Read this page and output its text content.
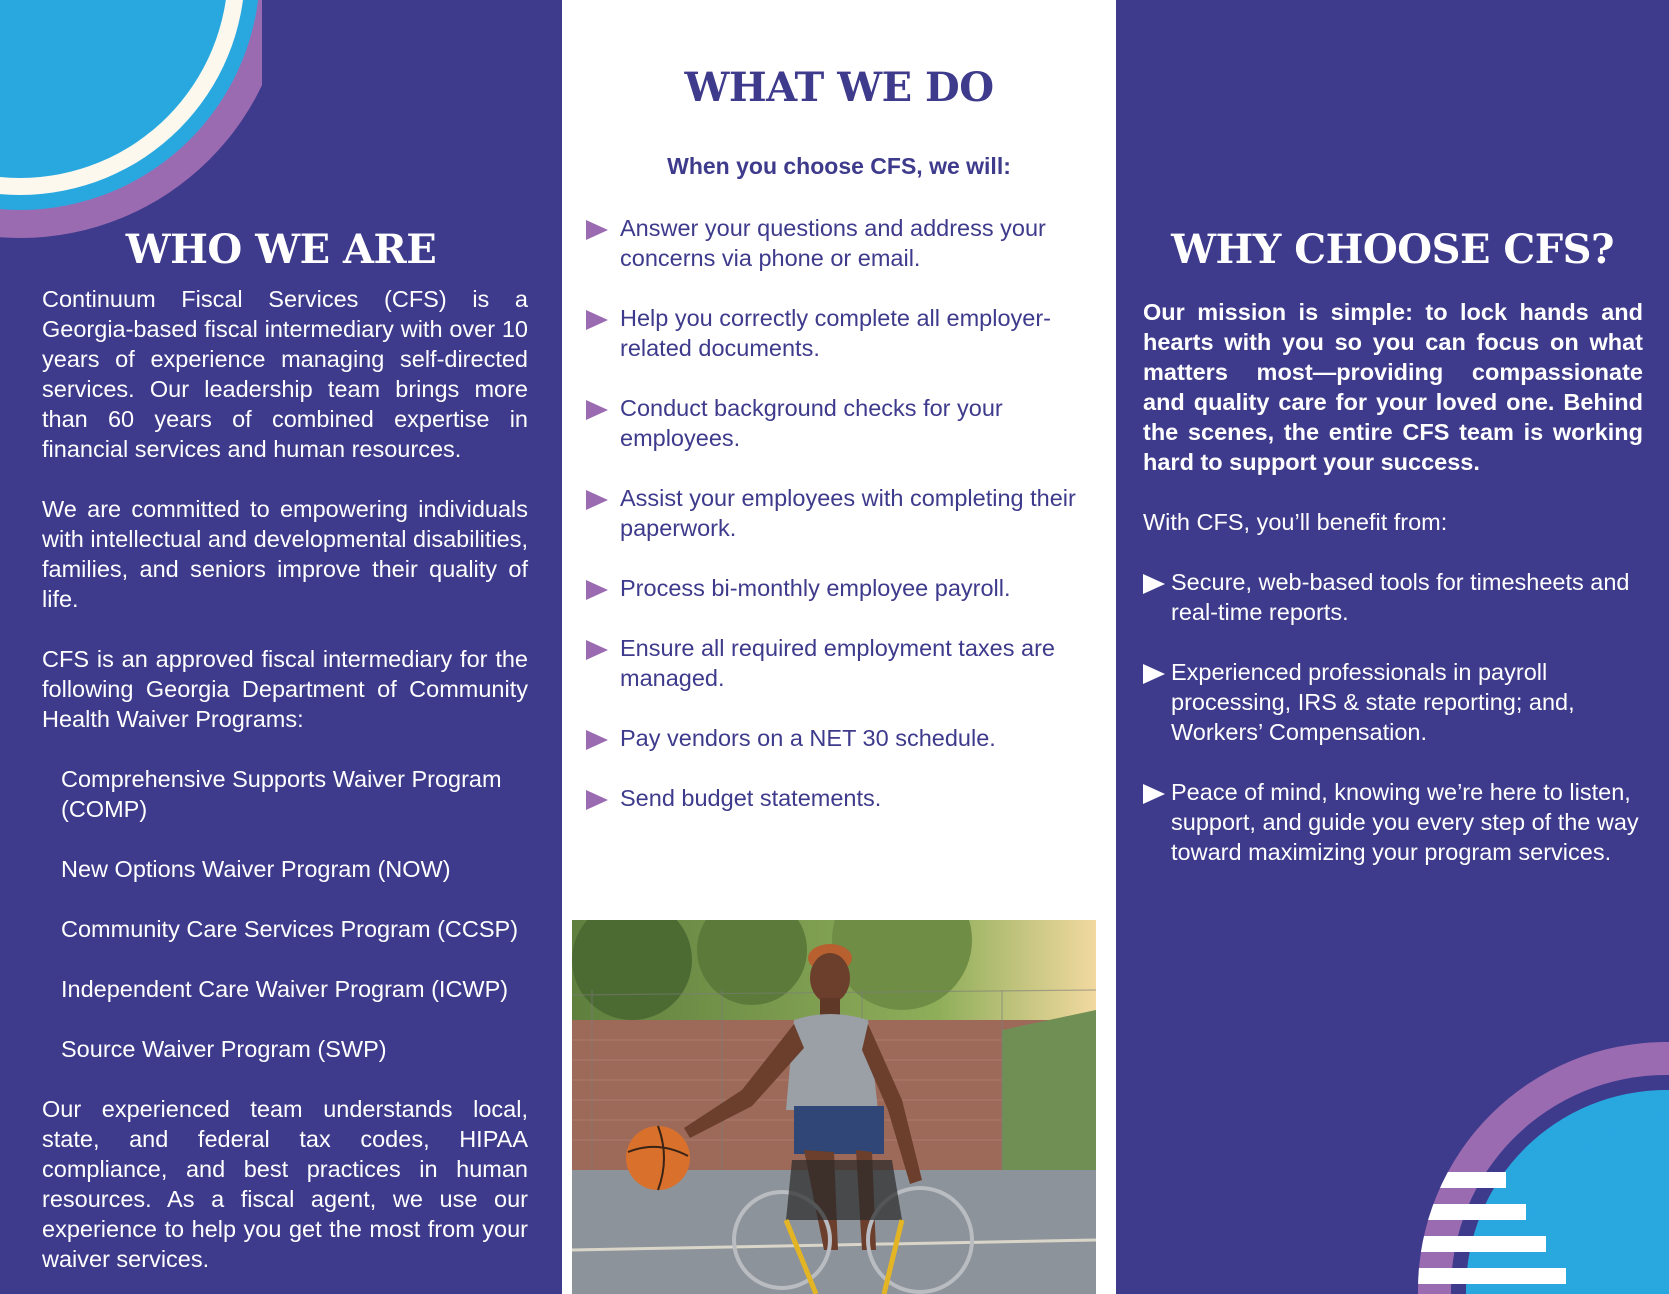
WHO WE ARE

Continuum Fiscal Services (CFS) is a Georgia-based fiscal intermediary with over 10 years of experience managing self-directed services. Our leadership team brings more than 60 years of combined expertise in financial services and human resources.

We are committed to empowering individuals with intellectual and developmental disabilities, families, and seniors improve their quality of life.

CFS is an approved fiscal intermediary for the following Georgia Department of Community Health Waiver Programs:

Comprehensive Supports Waiver Program (COMP)
New Options Waiver Program (NOW)
Community Care Services Program (CCSP)
Independent Care Waiver Program (ICWP)
Source Waiver Program (SWP)

Our experienced team understands local, state, and federal tax codes, HIPAA compliance, and best practices in human resources. As a fiscal agent, we use our experience to help you get the most from your waiver services.

WHAT WE DO
When you choose CFS, we will:
Answer your questions and address your concerns via phone or email.
Help you correctly complete all employer-related documents.
Conduct background checks for your employees.
Assist your employees with completing their paperwork.
Process bi-monthly employee payroll.
Ensure all required employment taxes are managed.
Pay vendors on a NET 30 schedule.
Send budget statements.
WHY CHOOSE CFS?

Our mission is simple: to lock hands and hearts with you so you can focus on what matters most—providing compassionate and quality care for your loved one. Behind the scenes, the entire CFS team is working hard to support your success.

With CFS, you’ll benefit from:

Secure, web-based tools for timesheets and real-time reports.
Experienced professionals in payroll processing, IRS & state reporting; and, Workers’ Compensation.
Peace of mind, knowing we’re here to listen, support, and guide you every step of the way toward maximizing your program services.
